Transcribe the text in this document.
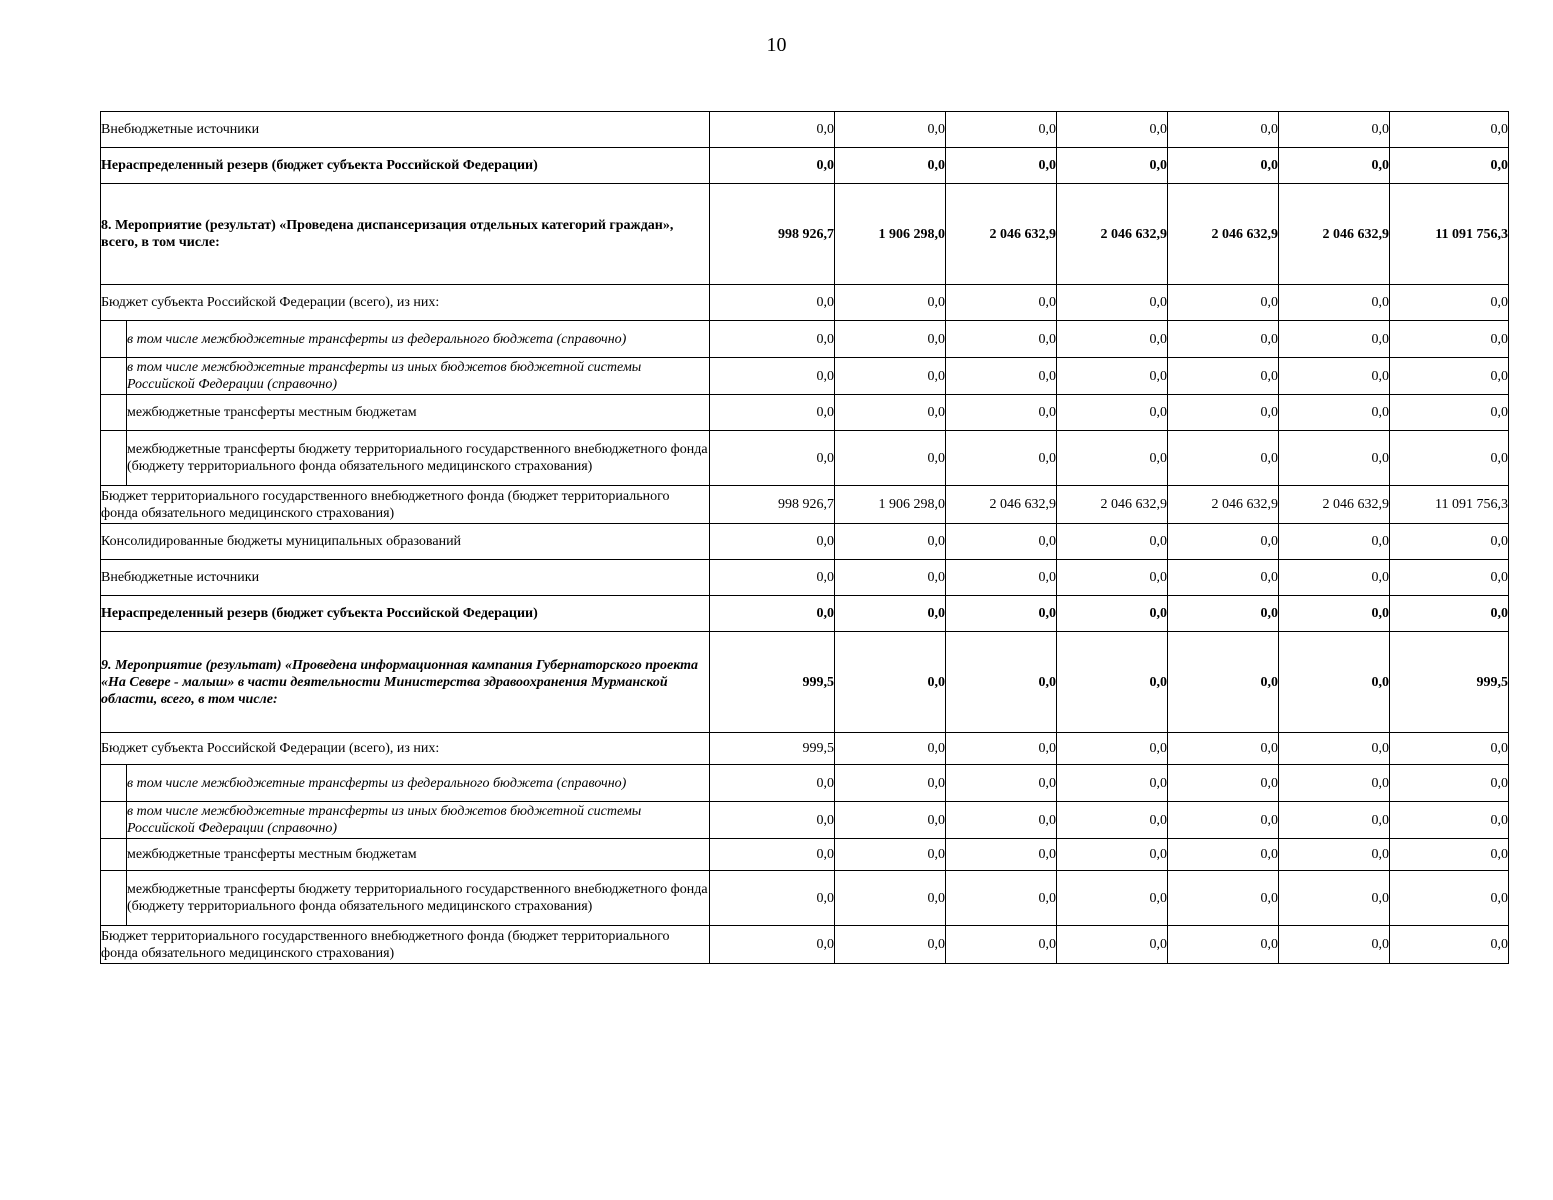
10
Внебюджетные источники		0,0	0,0	0,0	0,0	0,0	0,0	0,0
Нераспределенный резерв (бюджет субъекта Российской Федерации)		0,0	0,0	0,0	0,0	0,0	0,0	0,0
8. Мероприятие (результат) «Проведена диспансеризация отдельных категорий граждан», всего, в том числе:		998 926,7	1 906 298,0	2 046 632,9	2 046 632,9	2 046 632,9	2 046 632,9	11 091 756,3
Бюджет субъекта Российской Федерации (всего), из них:		0,0	0,0	0,0	0,0	0,0	0,0	0,0
	в том числе межбюджетные трансферты из федерального бюджета (справочно)	0,0	0,0	0,0	0,0	0,0	0,0	0,0
	в том числе межбюджетные трансферты из иных бюджетов бюджетной системы Российской Федерации (справочно)	0,0	0,0	0,0	0,0	0,0	0,0	0,0
	межбюджетные трансферты местным бюджетам	0,0	0,0	0,0	0,0	0,0	0,0	0,0
	межбюджетные трансферты бюджету территориального государственного внебюджетного фонда (бюджету территориального фонда обязательного медицинского страхования)	0,0	0,0	0,0	0,0	0,0	0,0	0,0
Бюджет территориального государственного внебюджетного фонда (бюджет территориального фонда обязательного медицинского страхования)		998 926,7	1 906 298,0	2 046 632,9	2 046 632,9	2 046 632,9	2 046 632,9	11 091 756,3
Консолидированные бюджеты муниципальных образований		0,0	0,0	0,0	0,0	0,0	0,0	0,0
Внебюджетные источники		0,0	0,0	0,0	0,0	0,0	0,0	0,0
Нераспределенный резерв (бюджет субъекта Российской Федерации)		0,0	0,0	0,0	0,0	0,0	0,0	0,0
9. Мероприятие (результат) «Проведена информационная кампания Губернаторского проекта «На Севере - малыш» в части деятельности Министерства здравоохранения Мурманской области, всего, в том числе:		999,5	0,0	0,0	0,0	0,0	0,0	999,5
Бюджет субъекта Российской Федерации (всего), из них:		999,5	0,0	0,0	0,0	0,0	0,0	0,0
	в том числе межбюджетные трансферты из федерального бюджета (справочно)	0,0	0,0	0,0	0,0	0,0	0,0	0,0
	в том числе межбюджетные трансферты из иных бюджетов бюджетной системы Российской Федерации (справочно)	0,0	0,0	0,0	0,0	0,0	0,0	0,0
	межбюджетные трансферты местным бюджетам	0,0	0,0	0,0	0,0	0,0	0,0	0,0
	межбюджетные трансферты бюджету территориального государственного внебюджетного фонда (бюджету территориального фонда обязательного медицинского страхования)	0,0	0,0	0,0	0,0	0,0	0,0	0,0
Бюджет территориального государственного внебюджетного фонда (бюджет территориального фонда обязательного медицинского страхования)		0,0	0,0	0,0	0,0	0,0	0,0	0,0
